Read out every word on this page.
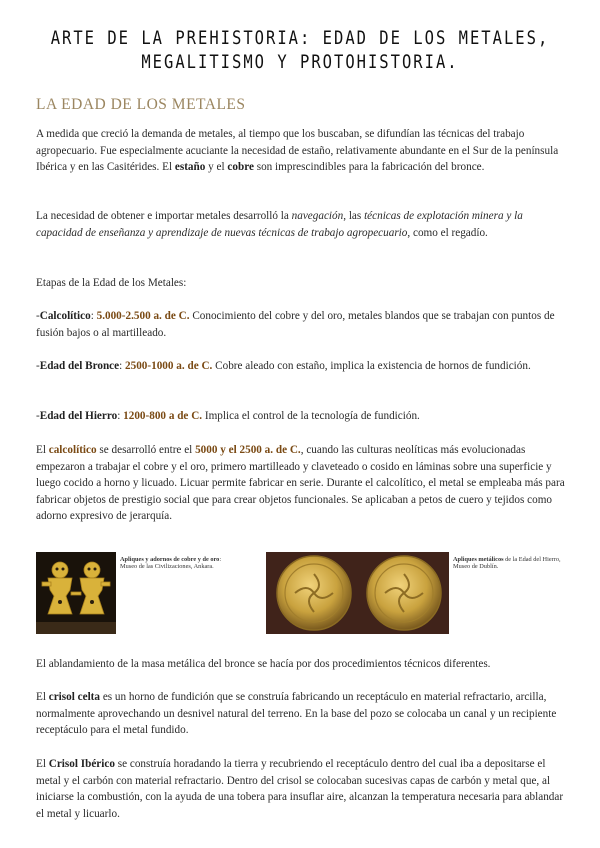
ARTE DE LA PREHISTORIA: EDAD DE LOS METALES, MEGALITISMO Y PROTOHISTORIA.
LA EDAD DE LOS METALES

A medida que creció la demanda de metales, al tiempo que los buscaban, se difundían las técnicas del trabajo agropecuario. Fue especialmente acuciante la necesidad de estaño, relativamente abundante en el Sur de la península Ibérica y en las Casitérides. El estaño y el cobre son imprescindibles para la fabricación del bronce.

La necesidad de obtener e importar metales desarrolló la navegación, las técnicas de explotación minera y la capacidad de enseñanza y aprendizaje de nuevas técnicas de trabajo agropecuario, como el regadío.

Etapas de la Edad de los Metales:

-Calcolítico: 5.000-2.500 a. de C. Conocimiento del cobre y del oro, metales blandos que se trabajan con puntos de fusión bajos o al martilleado.

-Edad del Bronce: 2500-1000 a. de C. Cobre aleado con estaño, implica la existencia de hornos de fundición.

-Edad del Hierro: 1200-800 a de C. Implica el control de la tecnología de fundición.

El calcolítico se desarrolló entre el 5000 y el 2500 a. de C., cuando las culturas neolíticas más evolucionadas empezaron a trabajar el cobre y el oro, primero martilleado y claveteado o cosido en láminas sobre una superficie y luego cocido a horno y licuado. Licuar permite fabricar en serie. Durante el calcolítico, el metal se empleaba más para fabricar objetos de prestigio social que para crear objetos funcionales. Se aplicaban a petos de cuero y tejidos como adorno expresivo de jerarquía.

Apliques y adornos de cobre y de oro: Museo de las Civilizaciones, Ankara.
Apliques metálicos de la Edad del Hierro, Museo de Dublín.

El ablandamiento de la masa metálica del bronce se hacía por dos procedimientos técnicos diferentes.

El crisol celta es un horno de fundición que se construía fabricando un receptáculo en material refractario, arcilla, normalmente aprovechando un desnivel natural del terreno. En la base del pozo se colocaba un canal y un recipiente receptáculo para el metal fundido.

El Crisol Ibérico se construía horadando la tierra y recubriendo el receptáculo dentro del cual iba a depositarse el metal y el carbón con material refractario. Dentro del crisol se colocaban sucesivas capas de carbón y metal que, al iniciarse la combustión, con la ayuda de una tobera para insuflar aire, alcanzan la temperatura necesaria para ablandar el metal y licuarlo.
